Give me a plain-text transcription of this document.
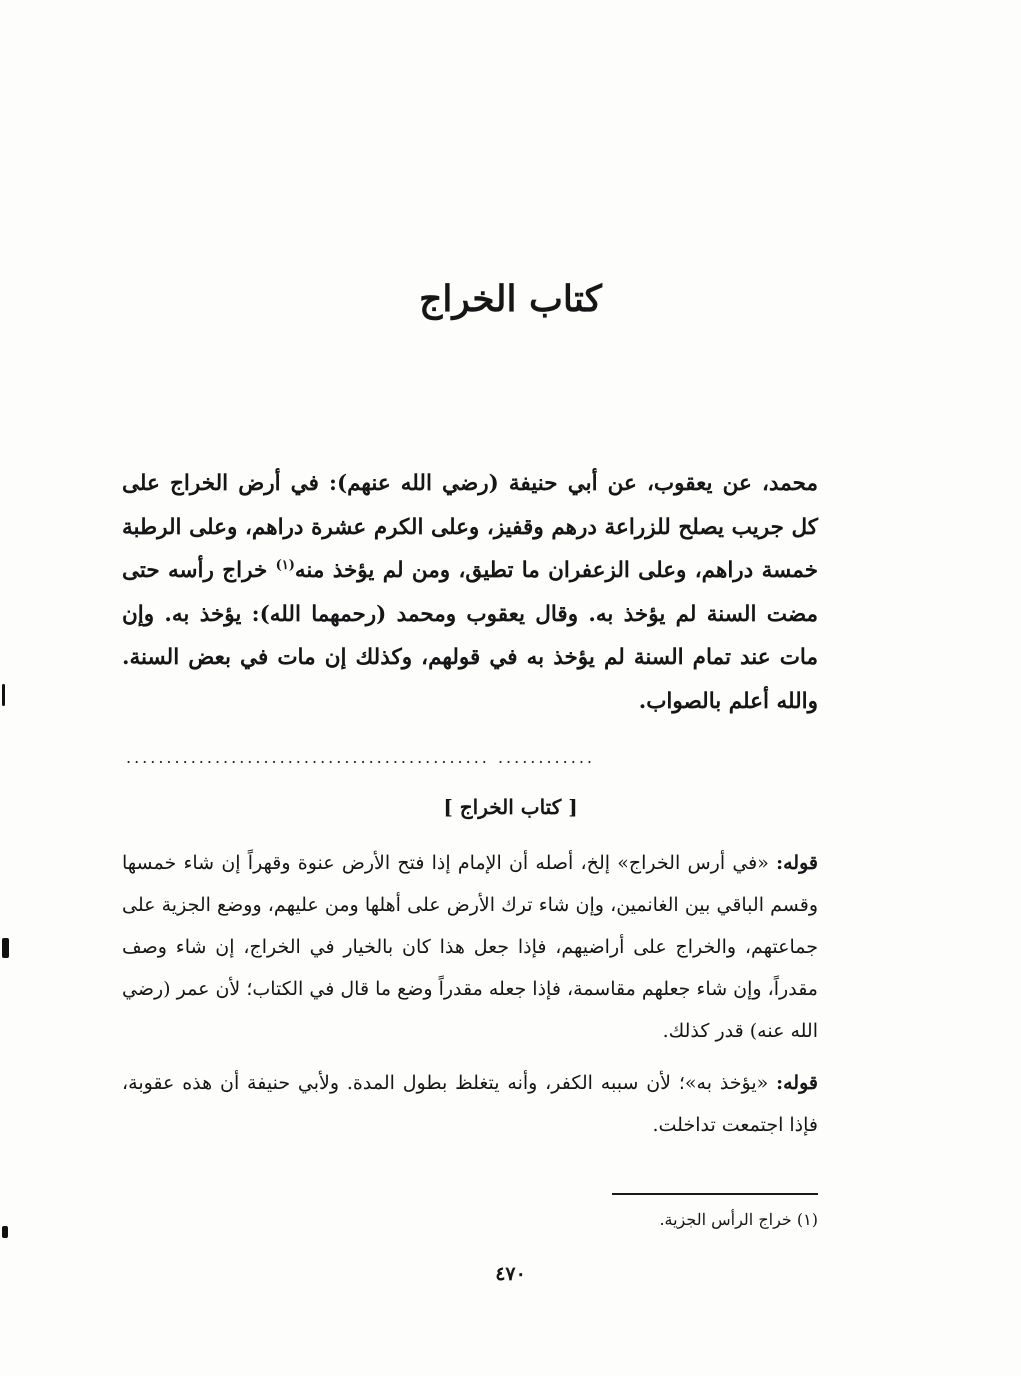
كتاب الخراج
محمد، عن يعقوب، عن أبي حنيفة (رضي الله عنهم): في أرض الخراج على كل جريب يصلح للزراعة درهم وقفيز، وعلى الكرم عشرة دراهم، وعلى الرطبة خمسة دراهم، وعلى الزعفران ما تطيق، ومن لم يؤخذ منه$^{(١)}$ خراج رأسه حتى مضت السنة لم يؤخذ به. وقال يعقوب ومحمد (رحمهما الله): يؤخذ به. وإن مات عند تمام السنة لم يؤخذ به في قولهم، وكذلك إن مات في بعض السنة. والله أعلم بالصواب.
............................................. ............
[ كتاب الخراج ]

قوله: «في أرس الخراج» إلخ، أصله أن الإمام إذا فتح الأرض عنوة وقهراً إن شاء خمسها وقسم الباقي بين الغانمين، وإن شاء ترك الأرض على أهلها ومن عليهم، ووضع الجزية على جماعتهم، والخراج على أراضيهم، فإذا جعل هذا كان بالخيار في الخراج، إن شاء وصف مقدراً، وإن شاء جعلهم مقاسمة، فإذا جعله مقدراً وضع ما قال في الكتاب؛ لأن عمر (رضي الله عنه) قدر كذلك.

قوله: «يؤخذ به»؛ لأن سببه الكفر، وأنه يتغلظ بطول المدة. ولأبي حنيفة أن هذه عقوبة، فإذا اجتمعت تداخلت.

(١) خراج الرأس الجزية.
٤٧٠
